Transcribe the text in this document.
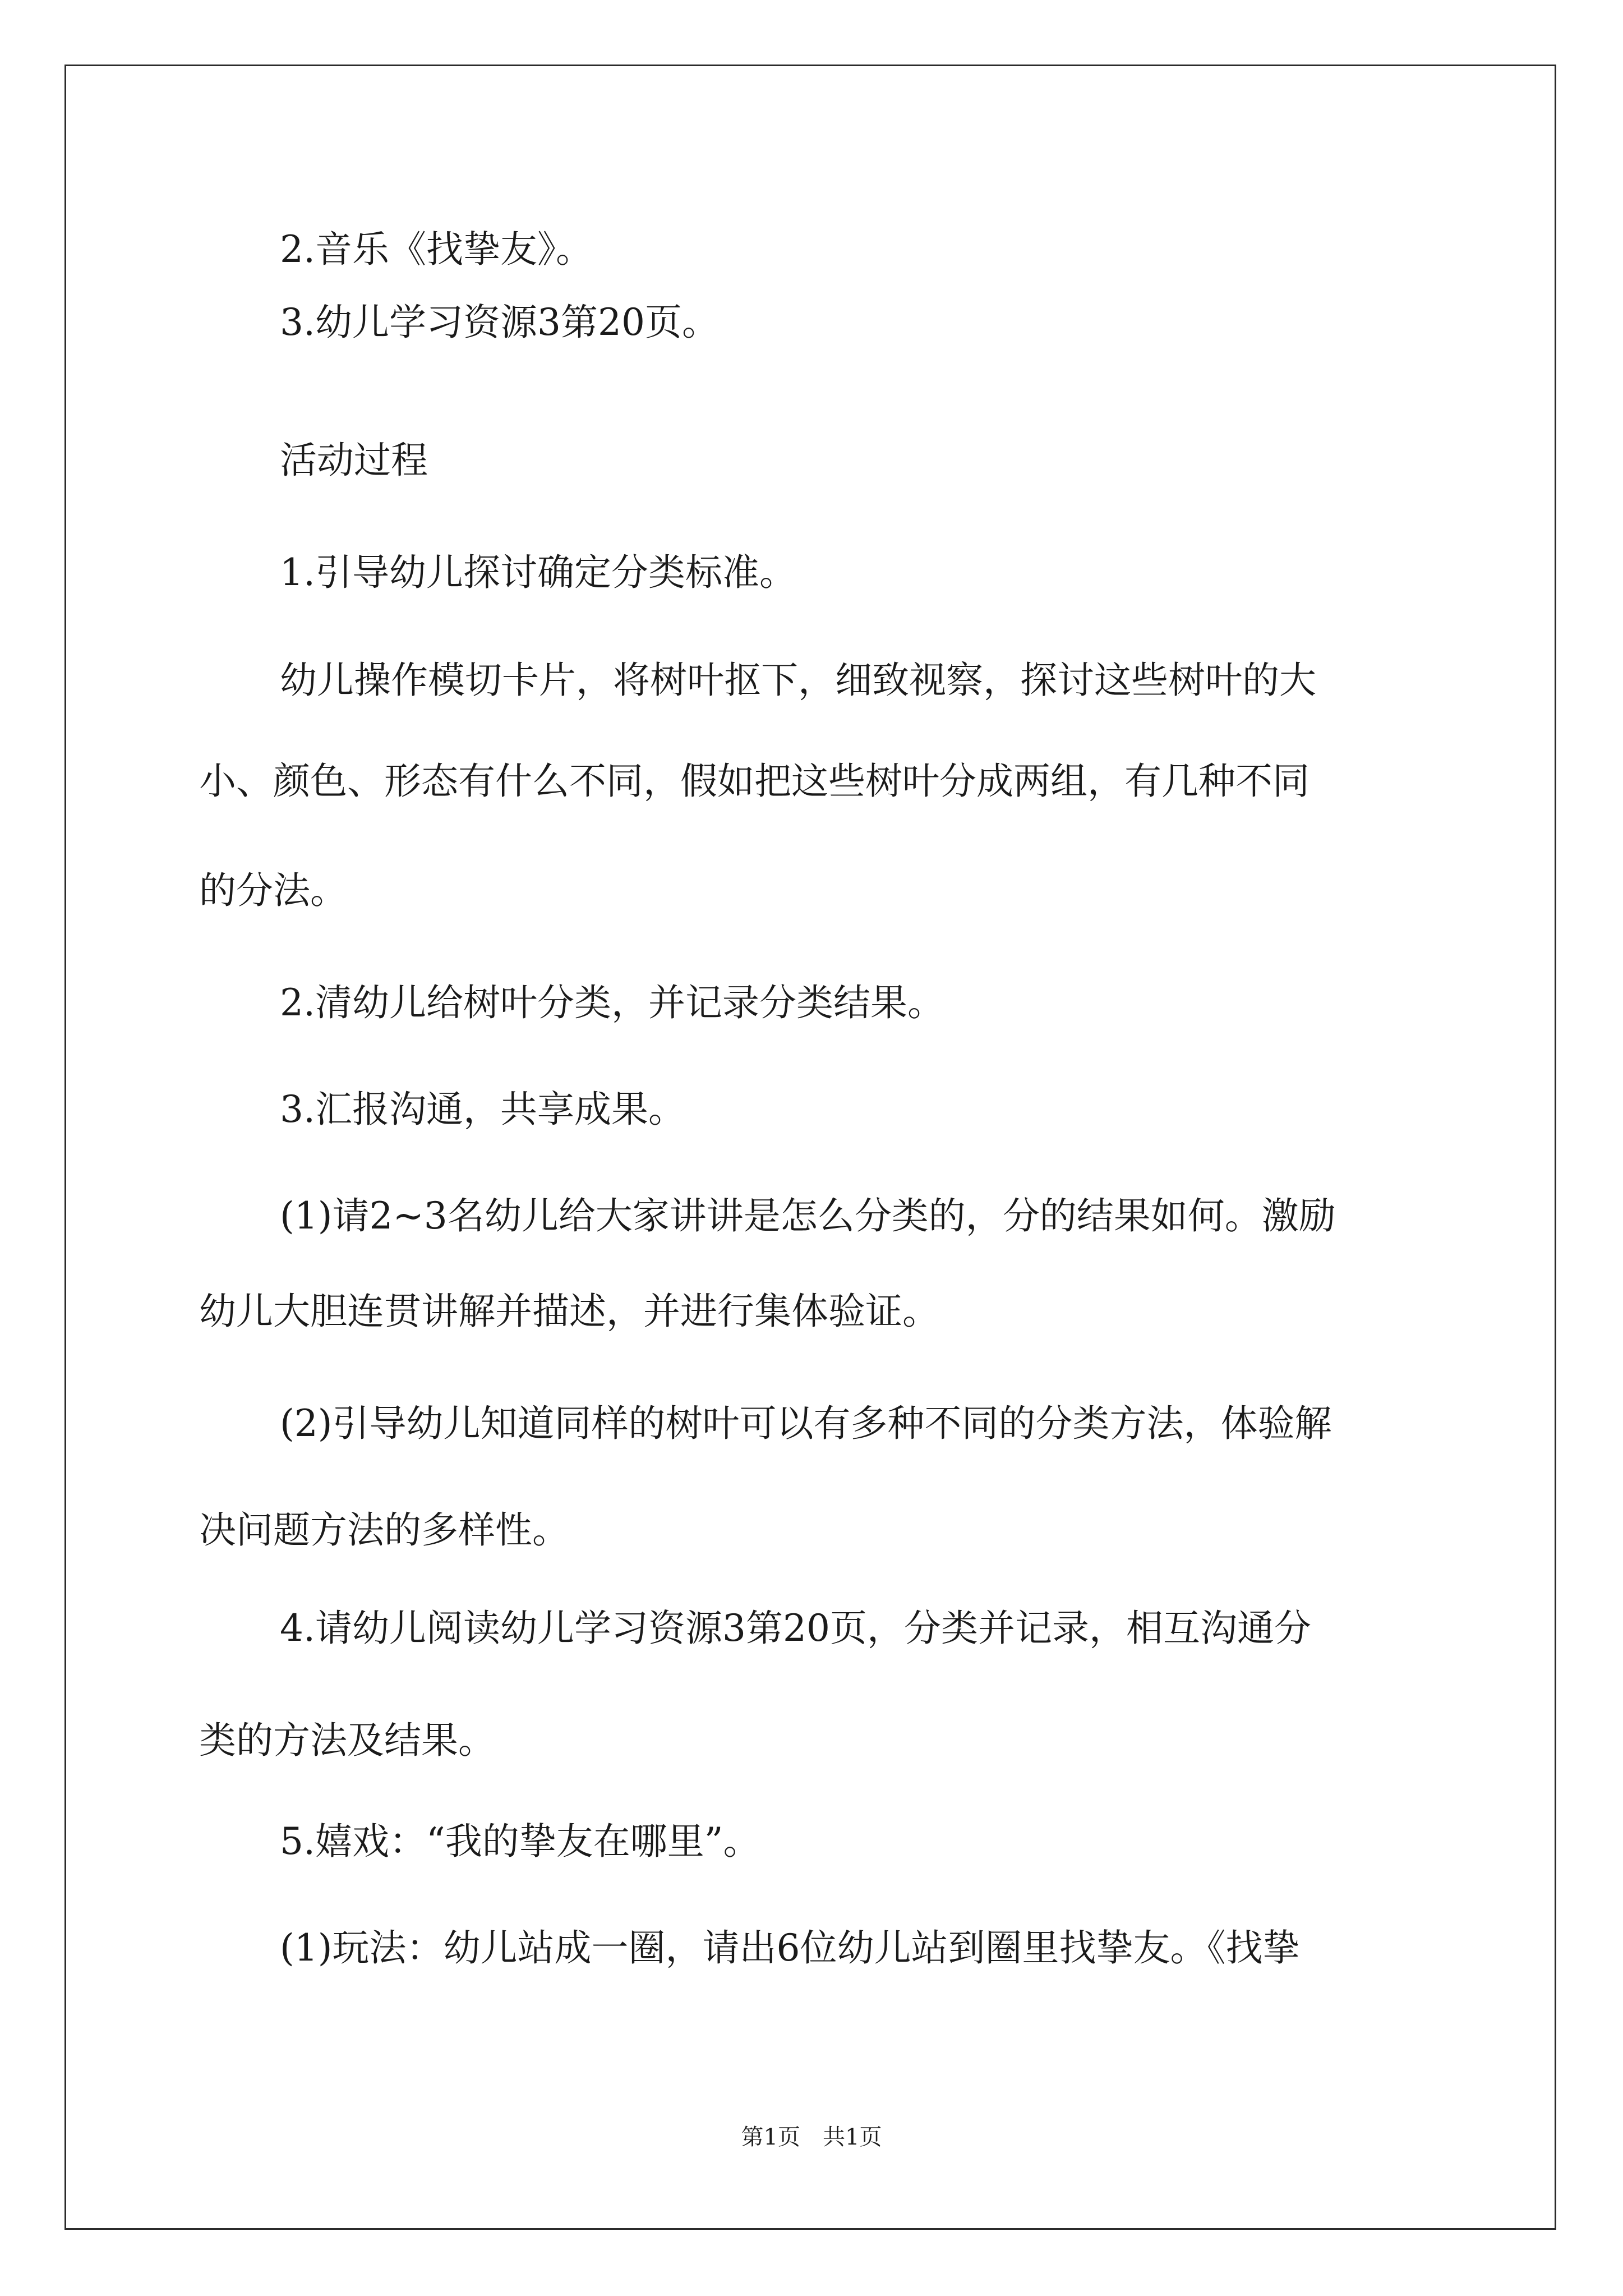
2.音乐《找挚友》。

3.幼儿学习资源3第20页。

活动过程

1.引导幼儿探讨确定分类标准。

幼儿操作模切卡片，将树叶抠下，细致视察，探讨这些树叶的大

小、颜色、形态有什么不同，假如把这些树叶分成两组，有几种不同

的分法。

2.清幼儿给树叶分类，并记录分类结果。

3.汇报沟通，共享成果。

(1)请2~3名幼儿给大家讲讲是怎么分类的，分的结果如何。激励

幼儿大胆连贯讲解并描述，并进行集体验证。

(2)引导幼儿知道同样的树叶可以有多种不同的分类方法，体验解

决问题方法的多样性。

4.请幼儿阅读幼儿学习资源3第20页，分类并记录，相互沟通分

类的方法及结果。

5.嬉戏：“我的挚友在哪里”。

(1)玩法：幼儿站成一圈，请出6位幼儿站到圈里找挚友。《找挚

第1页 共1页
